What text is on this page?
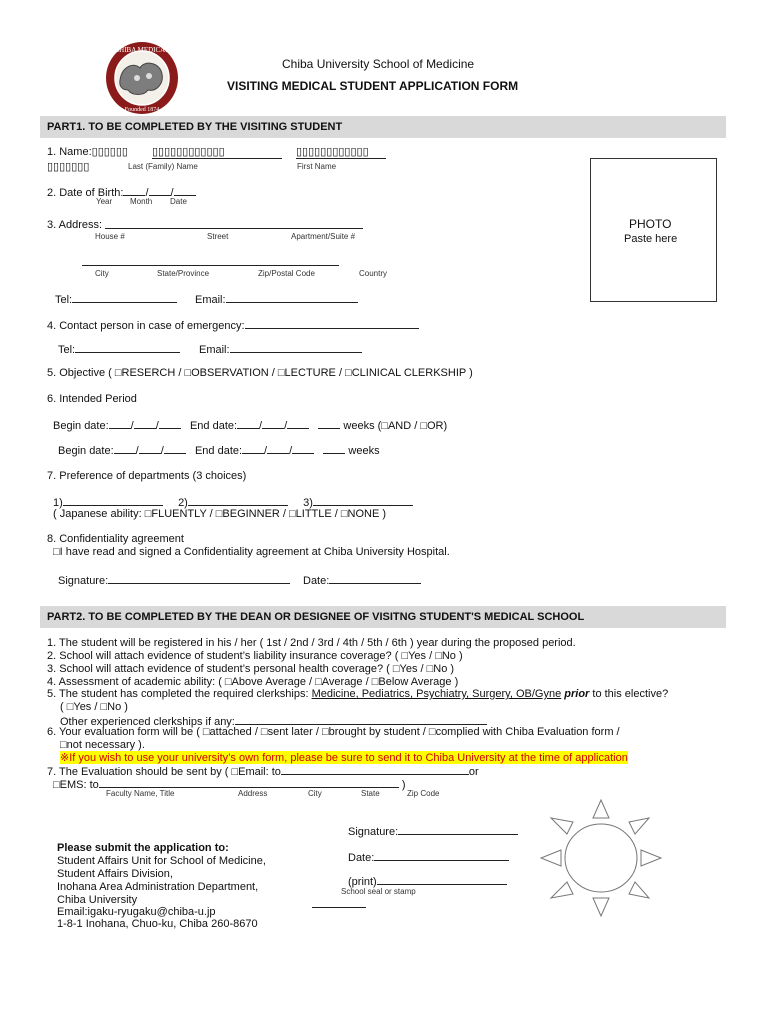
CHIBA MEDICAL
Founded 1874
Chiba University School of Medicine
VISITING MEDICAL STUDENT APPLICATION FORM
PART1. TO BE COMPLETED BY THE VISITING STUDENT
1. Name:▯▯▯▯▯▯ ▯▯▯▯▯▯▯▯▯▯▯▯	▯▯▯▯▯▯▯▯▯▯▯▯
▯▯▯▯▯▯▯	Last (Family) Name	First Name
2. Date of Birth: / /
Year Month Date
PHOTO
Paste here
3. Address:
House #	Street	Apartment/Suite #
City	State/Province	Zip/Postal Code	Country
Tel:	Email:
4. Contact person in case of emergency:
Tel:	Email:
5. Objective ( □RESERCH / □OBSERVATION / □LECTURE / □CLINICAL CLERKSHIP )
6. Intended Period
Begin date: / /	End date: / /	weeks (□AND / □OR)
Begin date: / /	End date: / /	weeks
7. Preference of departments (3 choices)
1)	2)	3)
( Japanese ability: □FLUENTLY / □BEGINNER / □LITTLE / □NONE )
8. Confidentiality agreement
□I have read and signed a Confidentiality agreement at Chiba University Hospital.
Signature:	Date:
PART2. TO BE COMPLETED BY THE DEAN OR DESIGNEE OF VISITNG STUDENT'S MEDICAL SCHOOL
1. The student will be registered in his / her ( 1st / 2nd / 3rd / 4th / 5th / 6th ) year during the proposed period.
2. School will attach evidence of student’s liability insurance coverage? ( □Yes / □No )
3. School will attach evidence of student’s personal health coverage? ( □Yes / □No )
4. Assessment of academic ability: ( □Above Average / □Average / □Below Average )
5. The student has completed the required clerkships: Medicine, Pediatrics, Psychiatry, Surgery, OB/Gyne prior to this elective?
( □Yes / □No )
Other experienced clerkships if any:
6. Your evaluation form will be ( □attached / □sent later / □brought by student / □complied with Chiba Evaluation form /
□not necessary ).
※If you wish to use your university’s own form, please be sure to send it to Chiba University at the time of application
7. The Evaluation should be sent by ( □Email: to	or
□EMS: to	)
Faculty Name, Title	Address	City	State	Zip Code
Signature:
Date:
(print)
School seal or stamp
Please submit the application to:
Student Affairs Unit for School of Medicine,
Student Affairs Division,
Inohana Area Administration Department,
Chiba University
Email:igaku-ryugaku@chiba-u.jp
1-8-1 Inohana, Chuo-ku, Chiba 260-8670
